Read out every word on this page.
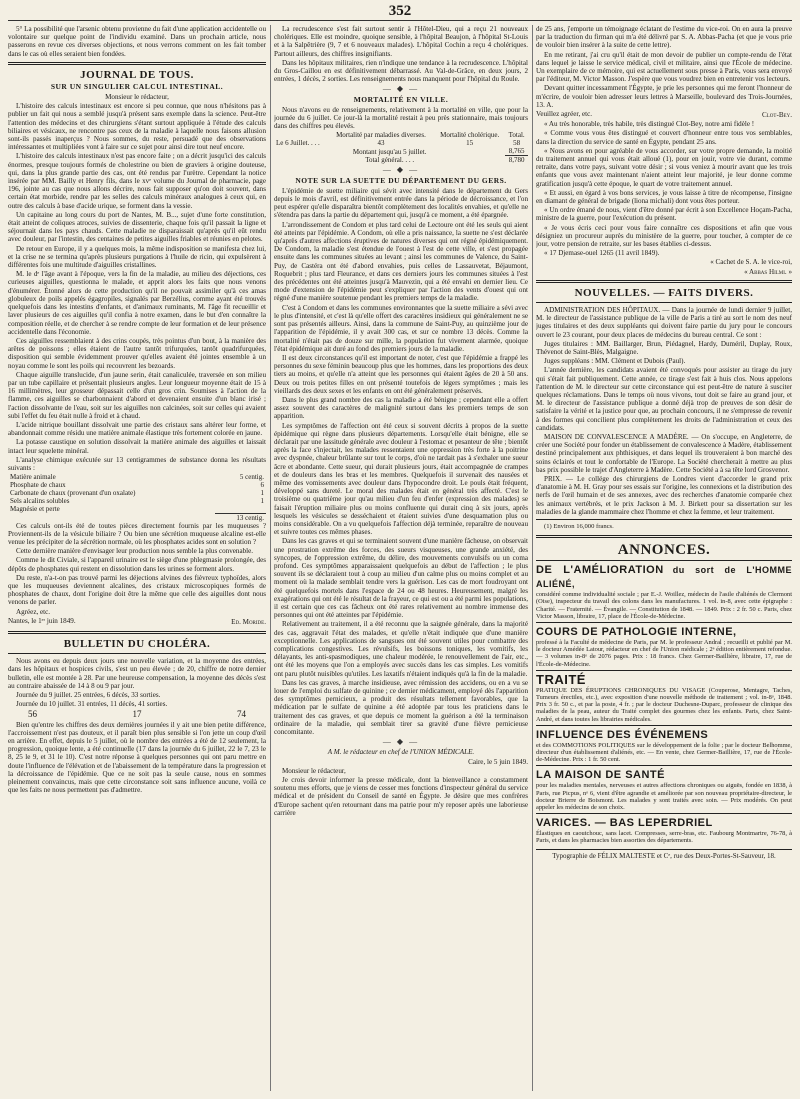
352

5° La possibilité que l'arsenic obtenu provienne du fait d'une application accidentelle ou volontaire sur quelque point de l'individu examiné. Dans un prochain article, nous passerons en revue ces diverses objections, et nous verrons comment on les fait tomber dans le cas où elles seraient bien fondées.

JOURNAL DE TOUS.
SUR UN SINGULIER CALCUL INTESTINAL.

Monsieur le rédacteur,

L'histoire des calculs intestinaux est encore si peu connue, que nous n'hésitons pas à publier un fait qui nous a semblé jusqu'à présent sans exemple dans la science. Peut-être l'attention des médecins et des chirurgiens s'étant surtout appliquée à l'étude des calculs biliaires et vésicaux, ne rencontre pas ceux de la maladie à laquelle nous faisons allusion sont-ils passés inaperçus ? Nous sommes, du reste, persuadé que des observations intéressantes et multipliées vont à faire sur ce sujet pour ainsi dire tout neuf encore.

L'histoire des calculs intestinaux n'est pas encore faite ; on a décrit jusqu'ici des calculs énormes, presque toujours formés de cholestrine ou bien de graviers à origine douteuse, qui, dans la plus grande partie des cas, ont été rendus par l'urètre. Cependant la notice insérée par MM. Bailly et Henry fils, dans le xvᵉ volume du Journal de pharmacie, page 196, jointe au cas que nous allons décrire, nous fait supposer qu'on doit souvent, dans certain état morbide, rendre par les selles des calculs minéraux analogues à ceux qui, en outre des calculs à base d'acide urique, se forment dans la vessie.

Un capitaine au long cours du port de Nantes, M. B..., sujet d'une forte constitution, était atteint de coliques atroces, suivies de dissenterie, chaque fois qu'il passait la ligne et séjournait dans les pays chauds. Cette maladie ne disparaissait qu'après qu'il eût rendu avec douleur, par l'intestin, des centaines de petites aiguilles friables et réunies en pelotes.

De retour en Europe, il y a quelques mois, la même indisposition se manifesta chez lui, et la crise ne se termina qu'après plusieurs purgations à l'huile de ricin, qui expulsèrent à différentes fois une multitude d'aiguilles cristallines.

M. le dᵉ l'âge avant à l'époque, vers la fin de la maladie, au milieu des déjections, ces curieuses aiguilles, questionna le malade, et apprit alors les faits que nous venons d'énumérer. Étonné alors de cette production qu'il ne pouvait assimiler qu'à ces amas globuleux de poils appelés égagropiles, signalés par Berzélius, comme ayant été trouvés quelquefois dans les intestins d'enfants, et d'animaux ruminants, M. l'âge fit recueillir et laver plusieurs de ces aiguilles qu'il confia à notre examen, dans le but d'en connaître la composition réelle, et de chercher à se rendre compte de leur formation et de leur présence accidentelle dans l'économie.

Ces aiguilles ressemblaient à des crins coupés, très pointus d'un bout, à la manière des arêtes de poissons ; elles étaient de l'autre tantôt trifurquées, tantôt quadrifurquées, disposition qui semble évidemment prouver qu'elles avaient été jointes ensemble à un noyau comme le sont les poils qui recouvrent les bezoards.

Chaque aiguille translucide, d'un jaune serin, était canaliculée, traversée en son milieu par un tube capillaire et présentait plusieurs angles. Leur longueur moyenne était de 15 à 16 millimètres, leur grosseur dépassait celle d'un gros crin. Soumises à l'action de la flamme, ces aiguilles se charbonnaient d'abord et devenaient ensuite d'un blanc irisé ; l'action dissolvante de l'eau, soit sur les aiguilles non calcinées, soit sur celles qui avaient subi l'effet du feu était nulle à froid et à chaud.

L'acide nitrique bouillant dissolvait une partie des cristaux sans altérer leur forme, et abandonnait comme résidu une matière animale élastique très fortement colorée en jaune.

La potasse caustique en solution dissolvait la matière animale des aiguilles et laissait intact leur squelette minéral.

L'analyse chimique exécutée sur 13 centigrammes de substance donna les résultats suivants :

Matière animale	5 centig.
Phosphate de chaux	6
Carbonate de chaux (provenant d'un oxalate)	1
Sels alcalins solubles	1
Magnésie et perte	
	13 centig.

Ces calculs ont-ils été de toutes pièces directement fournis par les muqueuses ? Proviennent-ils de la vésicule biliaire ? Ou bien une sécrétion muqueuse alcaline est-elle venue les précipiter de la sécrétion normale, où les phosphates acides sont en solution ?

Cette dernière manière d'envisager leur production nous semble la plus convenable.

Comme le dit Civiale, si l'appareil urinaire est le siège d'une phlegmasie prolongée, des dépôts de phosphates qui restent en dissolution dans les urines se forment alors.

Du reste, n'a-t-on pas trouvé parmi les déjections alvines des fièvreux typhoïdes, alors que les muqueuses deviennent alcalines, des cristaux microscopiques formés de phosphates de chaux, dont l'origine doit être la même que celle des aiguilles dont nous venons de parler.

Agréez, etc.

Nantes, le 1ᵉʳ juin 1849.	Ed. Moride.
BULLETIN DU CHOLÉRA.

Nous avons eu depuis deux jours une nouvelle variation, et la moyenne des entrées, dans les hôpitaux et hospices civils, s'est un peu élevée ; de 20, chiffre de notre dernier bulletin, elle est montée à 28. Par une heureuse compensation, la moyenne des décès s'est au contraire abaissée de 14 à 8 ou 9 par jour.

Journée du 9 juillet. 25 entrées, 6 décès, 33 sorties.

Journée du 10 juillet. 31 entrées, 11 décès, 41 sorties.

56	17	74

Bien qu'entre les chiffres des deux dernières journées il y ait une bien petite différence, l'accroissement n'est pas douteux, et il paraît bien plus sensible si l'on jette un coup d'œil en arrière. En effet, depuis le 5 juillet, où le nombre des entrées a été de 12 seulement, la progression, quoique lente, a été continuelle (17 dans la journée du 6 juillet, 22 le 7, 23 le 8, 25 le 9, et 31 le 10). C'est notre réponse à quelques personnes qui ont paru mettre en doute l'influence de l'élévation et de l'abaissement de la température dans la progression et la décroissance de l'épidémie. Que ce ne soit pas la seule cause, nous en sommes pleinement convaincus, mais que cette circonstance soit sans influence aucune, voilà ce que les faits ne nous permettent pas d'admettre.

La recrudescence s'est fait surtout sentir à l'Hôtel-Dieu, qui a reçu 21 nouveaux cholériques. Elle est moindre, quoique sensible, à l'hôpital Beaujon, à l'hôpital St-Louis et à la Salpêtrière (9, 7 et 6 nouveaux malades). L'hôpital Cochin a reçu 4 cholériques. Partout ailleurs, des chiffres insignifiants.

Dans les hôpitaux militaires, rien n'indique une tendance à la recrudescence. L'hôpital du Gros-Caillou en est définitivement débarrassé. Au Val-de-Grâce, en deux jours, 2 entrées, 1 décès, 2 sorties. Les renseignements nous manquent pour l'hôpital du Roule.

— ◆ —
MORTALITÉ EN VILLE.

Nous n'avons eu de renseignements, relativement à la mortalité en ville, que pour la journée du 6 juillet. Ce jour-là la mortalité restait à peu près stationnaire, mais toujours dans des chiffres peu élevés.

	Mortalité par maladies diverses.	Mortalité cholérique.	Total.
Le 6 Juillet. . . .	43	15	58
Montant jusqu'au 5 juillet.			8,765
Total général. . . .			8,780
— ◆ —
NOTE SUR LA SUETTE DU DÉPARTEMENT DU GERS.

L'épidémie de suette miliaire qui sévit avec intensité dans le département du Gers depuis le mois d'avril, est définitivement entrée dans la période de décroissance, et l'on peut espérer qu'elle disparaîtra bientôt complètement des localités envahies, et qu'elle ne s'étendra pas dans la partie du département qui, jusqu'à ce moment, a été épargnée.

L'arrondissement de Condom et plus tard celui de Lectoure ont été les seuls qui aient été atteints par l'épidémie. A Condom, où elle a pris naissance, la suette ne s'est déclarée qu'après d'autres affections éruptives de natures diverses qui ont régné épidémiquement. De Condom, la maladie s'est étendue de l'ouest à l'est de cette ville, et s'est propagée ensuite dans les communes situées au levant ; ainsi les communes de Valence, du Saint-Puy, de Castéra ont été d'abord envahies, puis celles de Lassauvetat, Béjaumont, Roquebrit ; plus tard Fleurance, et dans ces derniers jours les communes situées à l'est des précédentes ont été atteintes jusqu'à Mauvezin, qui a été envahi en dernier lieu. Ce mode d'extension de l'épidémie peut s'expliquer par l'action des vents d'ouest qui ont régné d'une manière soutenue pendant les premiers temps de la maladie.

C'est à Condom et dans les communes environnantes que la suette miliaire a sévi avec le plus d'intensité, et c'est là qu'elle offert des caractères insidieux qui généralement ne se sont pas présentés ailleurs. Ainsi, dans la commune de Saint-Puy, au quinzième jour de l'apparition de l'épidémie, il y avait 300 cas, et sur ce nombre 13 décès. Comme la mortalité n'était pas de douze sur mille, la population fut vivement alarmée, quoique l'état épidémique ait duré au fond des premiers jours de la maladie.

Il est deux circonstances qu'il est important de noter, c'est que l'épidémie a frappé les personnes du sexe féminin beaucoup plus que les hommes, dans les proportions des deux tiers au moins, et qu'elle n'a atteint que les personnes qui étaient âgées de 20 à 50 ans. Deux ou trois petites filles en ont présenté toutefois de légers symptômes ; mais les vieillards des deux sexes et les enfants en ont été généralement préservés.

Dans le plus grand nombre des cas la maladie a été bénigne ; cependant elle a offert assez souvent des caractères de malignité surtout dans les premiers temps de son apparition.

Les symptômes de l'affection ont été ceux si souvent décrits à propos de la suette épidémique qui règne dans plusieurs départements. Lorsqu'elle était bénigne, elle se déclarait par une lassitude générale avec douleur à l'estomac et pesanteur de tête ; bientôt après la face s'injectait, les malades ressentaient une oppression très forte à la poitrine avec dyspnée, chaleur brûlante sur tout le corps, d'où ne tardait pas à s'exhaler une sueur âcre et abondante. Cette sueur, qui durait plusieurs jours, était accompagnée de crampes et de douleurs dans les bras et les membres. Quelquefois il survenait des nausées et même des vomissements avec douleur dans l'hypocondre droit. Le pouls était fréquent, développé sans dureté. Le moral des malades était en général très affecté. C'est le troisième ou quatrième jour qu'au milieu d'un feu d'enfer (expression des malades) se faisait l'éruption miliaire plus ou moins confluente qui durait cinq à six jours, après lesquels les vésicules se desséchaient et étaient suivies d'une desquamation plus ou moins considérable. On a vu quelquefois l'affection déjà terminée, reparaître de nouveau et suivre toutes ces mêmes phases.

Dans les cas graves et qui se terminaient souvent d'une manière fâcheuse, on observait une prostration extrême des forces, des sueurs visqueuses, une grande anxiété, des syncopes, de l'oppression extrême, du délire, des mouvements convulsifs ou un coma profond. Ces symptômes apparaissaient quelquefois au début de l'affection ; le plus souvent ils se déclaraient tout à coup au milieu d'un calme plus ou moins complet et au moment où la malade semblait tendre vers la guérison. Les cas de mort foudroyant ont été quelquefois mortels dans l'espace de 24 ou 48 heures. Heureusement, malgré les exagérations qui ont été le résultat de la frayeur, ce qui est ou a été parmi les populations, il est certain que ces cas fâcheux ont été rares relativement au nombre immense des personnes qui ont été atteintes par l'épidémie.

Relativement au traitement, il a été reconnu que la saignée générale, dans la majorité des cas, aggravait l'état des malades, et qu'elle n'était indiquée que d'une manière exceptionnelle. Les applications de sangsues ont été souvent utiles pour combattre des complications congestives. Les révulsifs, les boissons toniques, les vomitifs, les délayants, les anti-spasmodiques, une chaleur modérée, le renouvellement de l'air, etc., ont été les moyens que l'on a employés avec succès dans les cas simples. Les vomitifs ont paru plutôt nuisibles qu'utiles. Les laxatifs n'étaient indiqués qu'à la fin de la maladie.

Dans les cas graves, à marche insidieuse, avec rémission des accidens, ou en a vu se louer de l'emploi du sulfate de quinine ; ce dernier médicament, employé dès l'apparition des symptômes pernicieux, a produit des résultats tellement favorables, que la médication par le sulfate de quinine a été adoptée par tous les praticiens dans le traitement des cas graves, et que depuis ce moment la guérison a été la terminaison ordinaire de la maladie, qui semblait tirer sa gravité d'une fièvre pernicieuse concomitante.

— ◆ —

A M. le rédacteur en chef de l'UNION MÉDICALE.

Caire, le 5 juin 1849.

Monsieur le rédacteur,

Je crois devoir informer la presse médicale, dont la bienveillance a constamment soutenu mes efforts, que je viens de cesser mes fonctions d'inspecteur général du service médical et de président du Conseil de santé en Égypte. Je désire que mes confrères d'Europe sachent qu'en retournant dans ma patrie pour m'y reposer après une laborieuse carrière

de 25 ans, j'emporte un témoignage éclatant de l'estime du vice-roi. On en aura la preuve par la traduction du firman qui m'a été délivré par S. A. Abbas-Pacha (et que je vous prie de vouloir bien insérer à la suite de cette lettre).

En me retirant, j'ai cru qu'il était de mon devoir de publier un compte-rendu de l'état dans lequel je laisse le service médical, civil et militaire, ainsi que l'École de médecine. Un exemplaire de ce mémoire, qui est actuellement sous presse à Paris, vous sera envoyé par l'éditeur, M. Victor Masson. J'espère que vous voudrez bien en entretenir vos lecteurs.

Devant quitter incessamment l'Égypte, je prie les personnes qui me feront l'honneur de m'écrire, de vouloir bien adresser leurs lettres à Marseille, boulevard des Trois-Journées, 13. A.

Veuillez agréer, etc.	Clot-Bey.

« Au très honorable, très habile, très distingué Clot-Bey, notre ami fidèle !

« Comme vous vous êtes distingué et couvert d'honneur entre tous vos semblables, dans la direction du service de santé en Égypte, pendant 25 ans.

« Nous avons en pour agréable de vous accorder, sur votre propre demande, la moitié du traitement annuel qui vous était alloué (1), pour en jouir, votre vie durant, comme retraite, dans votre pays, suivant votre désir ; si vous veniez à mourir avant que les trois enfants que vous avez maintenant n'aient atteint leur majorité, je leur donne comme gratification jusqu'à cette époque, le quart de votre traitement annuel.

« Et aussi, en égard à vos bons services, je vous laisse à titre de récompense, l'insigne en diamant de général de brigade (liona michali) dont vous êtes porteur.

« Un ordre émané de nous, vient d'être donné par écrit à son Excellence Hoçam-Pacha, ministre de la guerre, pour l'exécution du présent.

« Je vous écris ceci pour vous faire connaître ces dispositions et afin que vous désigniez un procureur auprès du ministère de la guerre, pour toucher, à compter de ce jour, votre pension de retraite, sur les bases établies ci-dessus.

« 17 Djemase-ouel 1265 (11 avril 1849).

« Cachet de S. A. le vice-roi,

« Abbas Hilmi. »

NOUVELLES. — FAITS DIVERS.

ADMINISTRATION DES HÔPITAUX. — Dans la journée de lundi dernier 9 juillet, M. le directeur de l'assistance publique de la ville de Paris a tiré au sort le nom des neuf juges titulaires et des deux suppléants qui doivent faire partie du jury pour le concours ouvert le 23 courant, pour deux places de médecins du bureau central. Ce sont :

Juges titulaires : MM. Baillarger, Brun, Piédagnel, Hardy, Duméril, Duplay, Roux, Thévenot de Saint-Blès, Malgaigne.

Juges suppléans : MM. Clément et Dubois (Paul).

L'année dernière, les candidats avaient été convoqués pour assister au tirage du jury qui s'était fait publiquement. Cette année, ce tirage s'est fait à huis clos. Nous appelons l'attention de M. le directeur sur cette circonstance qui est peut-être de nature à susciter quelques réclamations. Dans le temps où nous vivons, tout doit se faire au grand jour, et M. le directeur de l'assistance publique a donné déjà trop de preuves de son désir de satisfaire la vérité et la justice pour que, au prochain concours, il ne s'empresse de revenir à des formes qui concilient plus complètement les droits de l'administration et ceux des candidats.

MAISON DE CONVALESCENCE A MADÈRE. — On s'occupe, en Angleterre, de créer une Société pour fonder un établissement de convalescence à Madère, établissement destiné principalement aux phthisiques, et dans lequel ils trouveraient à bon marché des soins éclairés et tout le confortable de l'Europe. La Société chercherait à mettre au plus bas prix possible le trajet d'Angleterre à Madère. Cette Société a à sa tête lord Grosvenor.

PRIX. — Le collége des chirurgiens de Londres vient d'accorder le grand prix d'anatomie à M. H. Gray pour ses essais sur l'origine, les connexions et la distribution des nerfs de l'œil humain et de ses annexes, avec des recherches d'anatomie comparée chez les animaux vertébrés, et le prix Jackson à M. J. Birkett pour sa dissertation sur les maladies de la glande mammaire chez l'homme et chez la femme, et leur traitement.

(1) Environ 16,000 francs.

ANNONCES.
DE L'AMÉLIORATION du sort de L'HOMME ALIÉNÉ,
considéré comme individualité sociale ; par E.-J. Woillez, médecin de l'asile d'aliénés de Clermont (Oise), inspecteur du travail des colons dans les manufactures. 1 vol. in-8, avec cette épigraphe : Charité. — Fraternité. — Évangile. — Constitution de 1848. — 1849. Prix : 2 fr. 50 c. Paris, chez Victor Masson, libraire, 17, place de l'École-de-Médecine.
COURS DE PATHOLOGIE INTERNE,
professé à la Faculté de médecine de Paris, par M. le professeur Andral ; recueilli et publié par M. le docteur Amédée Latour, rédacteur en chef de l'Union médicale ; 2ᵉ édition entièrement refondue. — 3 volumes in-8ᵒ de 2076 pages. Prix : 18 francs. Chez Germer-Baillière, libraire, 17, rue de l'École-de-Médecine.
TRAITÉ
PRATIQUE DES ÉRUPTIONS CHRONIQUES DU VISAGE (Couperose, Mentagre, Taches, Tumeurs érectiles, etc.), avec exposition d'une nouvelle méthode de traitement ; vol. in-8ᵒ, 1848. Prix 3 fr. 50 c., et par la poste, 4 fr. ; par le docteur Duchesne-Duparc, professeur de clinique des maladies de la peau, auteur du Traité complet des gourmes chez les enfants. Paris, chez Saint-André, et dans toutes les librairies médicales.
INFLUENCE DES ÉVÉNEMENS
et des COMMOTIONS POLITIQUES sur le développement de la folie ; par le docteur Belhomme, directeur d'un établissement d'aliénés, etc. — En vente, chez Germer-Baillière, 17, rue de l'École-de-Médecine. Prix : 1 fr. 50 cent.
LA MAISON DE SANTÉ
pour les maladies mentales, nerveuses et autres affections chroniques ou aiguës, fondée en 1838, à Paris, rue Picpus, nᵒ 6, vient d'être agrandie et améliorée par son nouveau propriétaire-directeur, le docteur Brierre de Boismont. Les malades y sont traités avec soin. — Prix modérés. On peut appeler les médecins de son choix.
VARICES. — BAS LEPERDRIEL
Élastiques en caoutchouc, sans lacet. Compresses, serre-bras, etc. Faubourg Montmartre, 76-78, à Paris, et dans les pharmacies bien assorties des départements.
Typographie de FÉLIX MALTESTE et Cᵉ, rue des Deux-Portes-St-Sauveur, 18.
